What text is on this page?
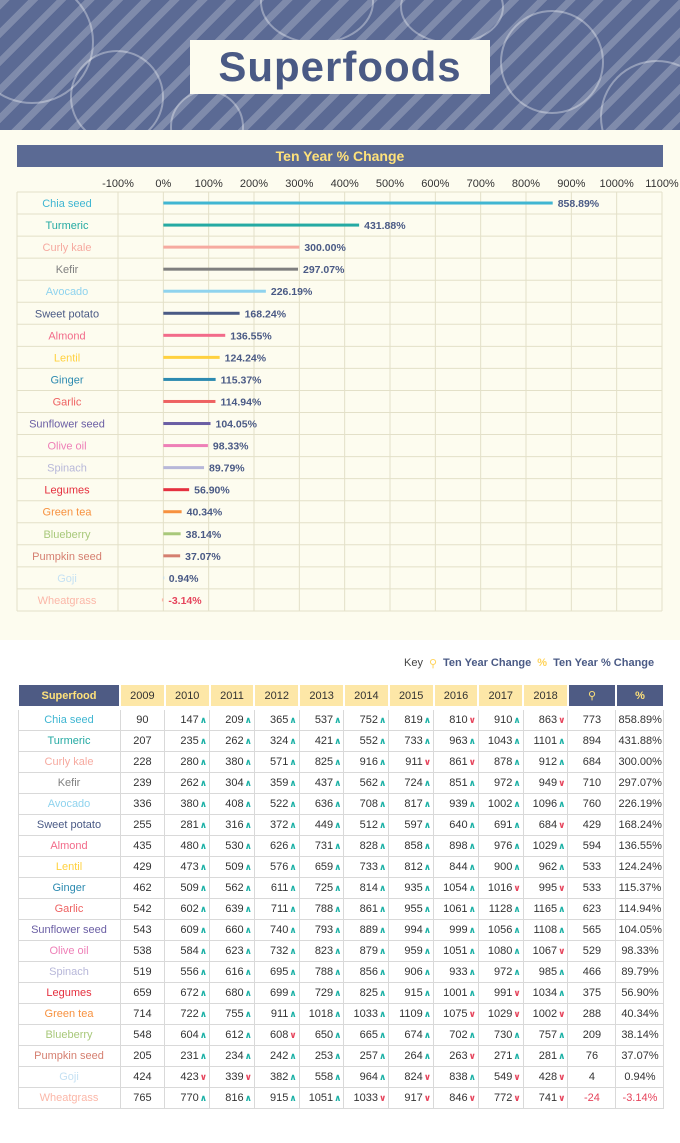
Superfoods
Ten Year % Change
-100% 0% 100% 200% 300% 400% 500% 600% 700% 800% 900% 1000% 1100%
Chia seed	858.89%
Turmeric	431.88%
Curly kale	300.00%
Kefir	297.07%
Avocado	226.19%
Sweet potato	168.24%
Almond	136.55%
Lentil	124.24%
Ginger	115.37%
Garlic	114.94%
Sunflower seed	104.05%
Olive oil	98.33%
Spinach	89.79%
Legumes	56.90%
Green tea	40.34%
Blueberry	38.14%
Pumpkin seed	37.07%
Goji	0.94%
Wheatgrass	-3.14%
Key ⚲ Ten Year Change % Ten Year % Change
Superfood	2009	2010	2011	2012	2013	2014	2015	2016	2017	2018	⚲	%
Chia seed	90	147∧	209∧	365∧	537∧	752∧	819∧	810∨	910∧	863∨	773	858.89%
Turmeric	207	235∧	262∧	324∧	421∧	552∧	733∧	963∧	1043∧	1101∧	894	431.88%
Curly kale	228	280∧	380∧	571∧	825∧	916∧	911∨	861∨	878∧	912∧	684	300.00%
Kefir	239	262∧	304∧	359∧	437∧	562∧	724∧	851∧	972∧	949∨	710	297.07%
Avocado	336	380∧	408∧	522∧	636∧	708∧	817∧	939∧	1002∧	1096∧	760	226.19%
Sweet potato	255	281∧	316∧	372∧	449∧	512∧	597∧	640∧	691∧	684∨	429	168.24%
Almond	435	480∧	530∧	626∧	731∧	828∧	858∧	898∧	976∧	1029∧	594	136.55%
Lentil	429	473∧	509∧	576∧	659∧	733∧	812∧	844∧	900∧	962∧	533	124.24%
Ginger	462	509∧	562∧	611∧	725∧	814∧	935∧	1054∧	1016∨	995∨	533	115.37%
Garlic	542	602∧	639∧	711∧	788∧	861∧	955∧	1061∧	1128∧	1165∧	623	114.94%
Sunflower seed	543	609∧	660∧	740∧	793∧	889∧	994∧	999∧	1056∧	1108∧	565	104.05%
Olive oil	538	584∧	623∧	732∧	823∧	879∧	959∧	1051∧	1080∧	1067∨	529	98.33%
Spinach	519	556∧	616∧	695∧	788∧	856∧	906∧	933∧	972∧	985∧	466	89.79%
Legumes	659	672∧	680∧	699∧	729∧	825∧	915∧	1001∧	991∨	1034∧	375	56.90%
Green tea	714	722∧	755∧	911∧	1018∧	1033∧	1109∧	1075∨	1029∨	1002∨	288	40.34%
Blueberry	548	604∧	612∧	608∨	650∧	665∧	674∧	702∧	730∧	757∧	209	38.14%
Pumpkin seed	205	231∧	234∧	242∧	253∧	257∧	264∧	263∨	271∧	281∧	76	37.07%
Goji	424	423∨	339∨	382∧	558∧	964∧	824∨	838∧	549∨	428∨	4	0.94%
Wheatgrass	765	770∧	816∧	915∧	1051∧	1033∨	917∨	846∨	772∨	741∨	-24	-3.14%
